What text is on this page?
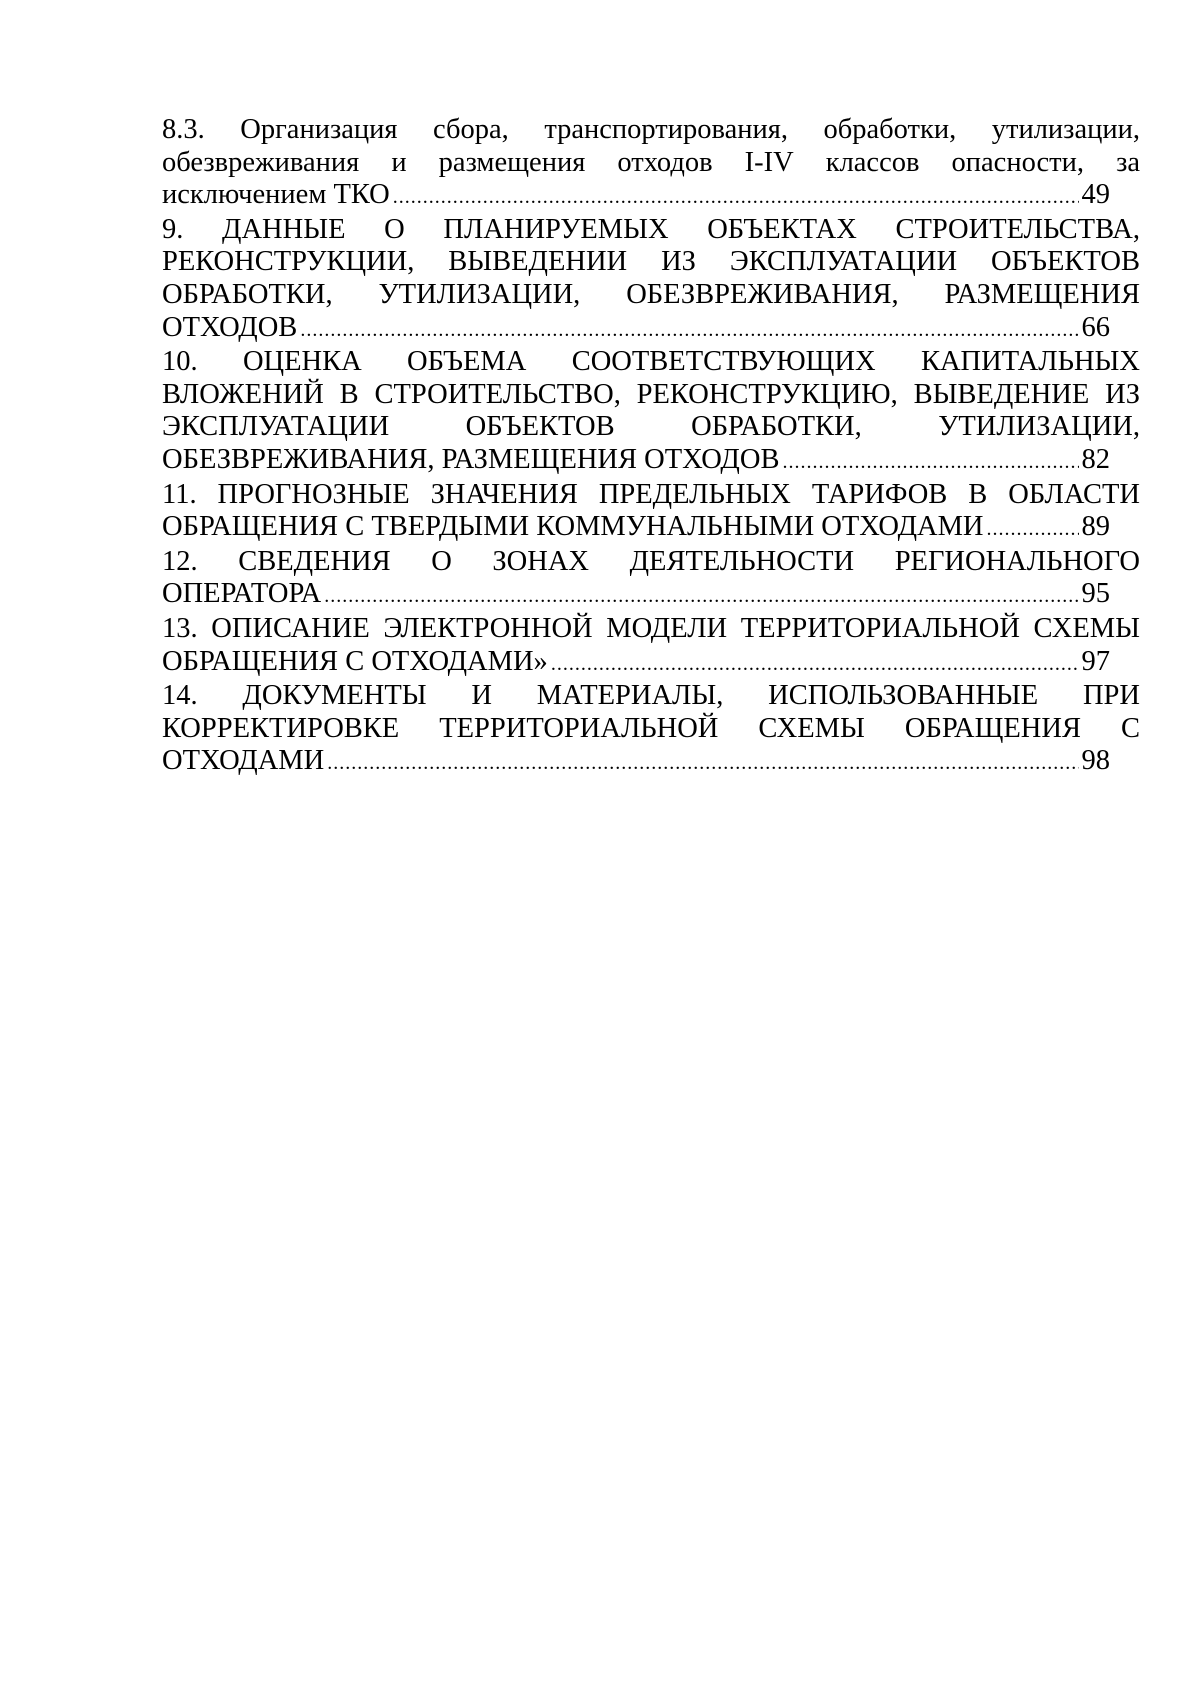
8.3. Организация сбора, транспортирования, обработки, утилизации,
обезвреживания и размещения отходов I-IV классов опасности, за
исключением ТКО .....	49
9. ДАННЫЕ О ПЛАНИРУЕМЫХ ОБЪЕКТАХ СТРОИТЕЛЬСТВА,
РЕКОНСТРУКЦИИ, ВЫВЕДЕНИИ ИЗ ЭКСПЛУАТАЦИИ ОБЪЕКТОВ
ОБРАБОТКИ, УТИЛИЗАЦИИ, ОБЕЗВРЕЖИВАНИЯ, РАЗМЕЩЕНИЯ
ОТХОДОВ .....	66
10. ОЦЕНКА ОБЪЕМА СООТВЕТСТВУЮЩИХ КАПИТАЛЬНЫХ
ВЛОЖЕНИЙ В СТРОИТЕЛЬСТВО, РЕКОНСТРУКЦИЮ, ВЫВЕДЕНИЕ ИЗ
ЭКСПЛУАТАЦИИ	ОБЪЕКТОВ	ОБРАБОТКИ,	УТИЛИЗАЦИИ,
ОБЕЗВРЕЖИВАНИЯ, РАЗМЕЩЕНИЯ ОТХОДОВ .....	82
11. ПРОГНОЗНЫЕ ЗНАЧЕНИЯ ПРЕДЕЛЬНЫХ ТАРИФОВ В ОБЛАСТИ
ОБРАЩЕНИЯ С ТВЕРДЫМИ КОММУНАЛЬНЫМИ ОТХОДАМИ .....	89
12. СВЕДЕНИЯ О ЗОНАХ ДЕЯТЕЛЬНОСТИ РЕГИОНАЛЬНОГО
ОПЕРАТОРА .....	95
13. ОПИСАНИЕ ЭЛЕКТРОННОЙ МОДЕЛИ ТЕРРИТОРИАЛЬНОЙ СХЕМЫ
ОБРАЩЕНИЯ С ОТХОДАМИ» .....	97
14. ДОКУМЕНТЫ И МАТЕРИАЛЫ, ИСПОЛЬЗОВАННЫЕ ПРИ
КОРРЕКТИРОВКЕ ТЕРРИТОРИАЛЬНОЙ СХЕМЫ ОБРАЩЕНИЯ С
ОТХОДАМИ .....	98
